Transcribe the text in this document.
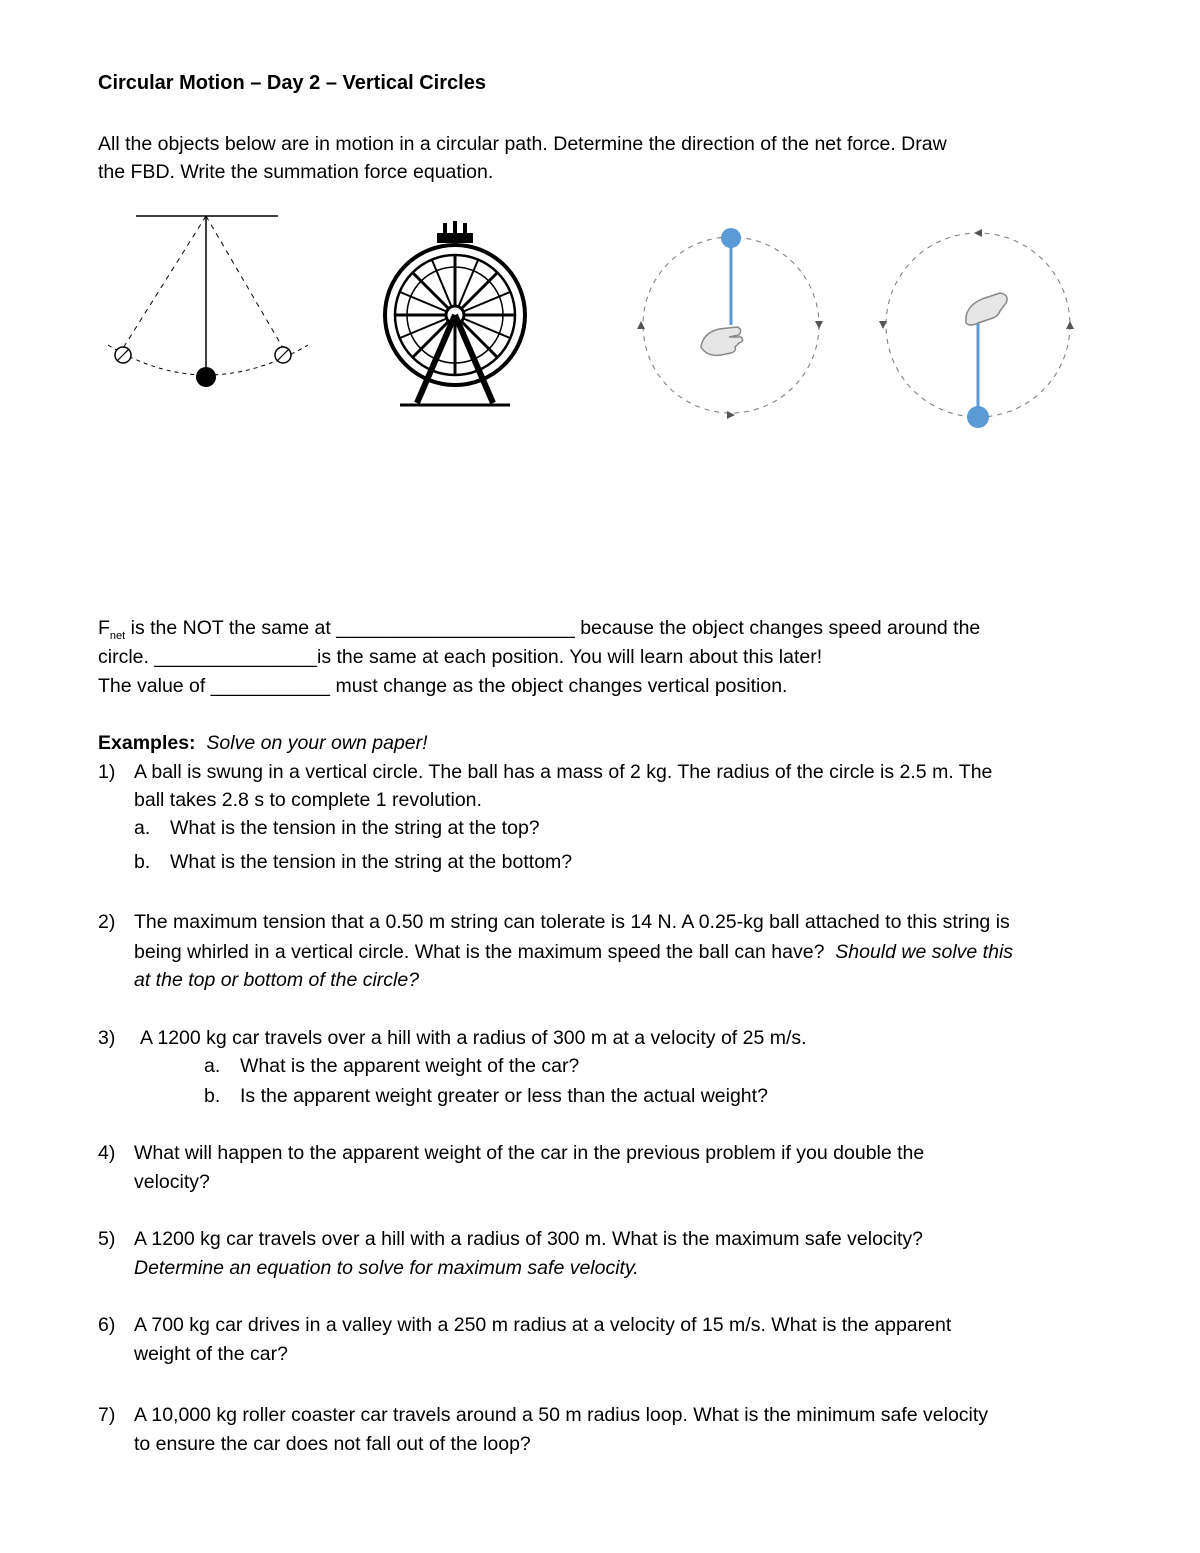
Circular Motion – Day 2 – Vertical Circles
All the objects below are in motion in a circular path. Determine the direction of the net force. Draw
the FBD. Write the summation force equation.
$F_{net}$ is the NOT the same at ______________________ because the object changes speed around the
circle. _______________is the same at each position. You will learn about this later!
The value of ___________ must change as the object changes vertical position.
Examples: Solve on your own paper!
1) A ball is swung in a vertical circle. The ball has a mass of 2 kg. The radius of the circle is 2.5 m. The
ball takes 2.8 s to complete 1 revolution.
a. What is the tension in the string at the top?
b. What is the tension in the string at the bottom?
2) The maximum tension that a 0.50 m string can tolerate is 14 N. A 0.25-kg ball attached to this string is
being whirled in a vertical circle. What is the maximum speed the ball can have? Should we solve this
at the top or bottom of the circle?
3) A 1200 kg car travels over a hill with a radius of 300 m at a velocity of 25 m/s.
a. What is the apparent weight of the car?
b. Is the apparent weight greater or less than the actual weight?
4) What will happen to the apparent weight of the car in the previous problem if you double the
velocity?
5) A 1200 kg car travels over a hill with a radius of 300 m. What is the maximum safe velocity?
Determine an equation to solve for maximum safe velocity.
6) A 700 kg car drives in a valley with a 250 m radius at a velocity of 15 m/s. What is the apparent
weight of the car?
7) A 10,000 kg roller coaster car travels around a 50 m radius loop. What is the minimum safe velocity
to ensure the car does not fall out of the loop?
